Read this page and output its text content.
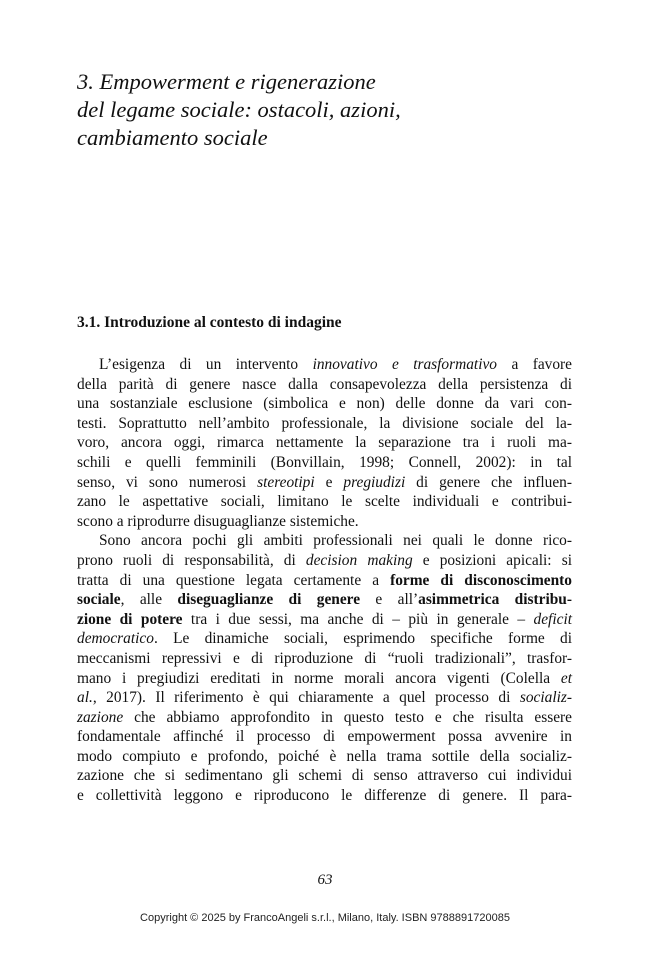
3. Empowerment e rigenerazione
del legame sociale: ostacoli, azioni,
cambiamento sociale
3.1. Introduzione al contesto di indagine
L’esigenza di un intervento innovativo e trasformativo a favore
della parità di genere nasce dalla consapevolezza della persistenza di
una sostanziale esclusione (simbolica e non) delle donne da vari con-
testi. Soprattutto nell’ambito professionale, la divisione sociale del la-
voro, ancora oggi, rimarca nettamente la separazione tra i ruoli ma-
schili e quelli femminili (Bonvillain, 1998; Connell, 2002): in tal
senso, vi sono numerosi stereotipi e pregiudizi di genere che influen-
zano le aspettative sociali, limitano le scelte individuali e contribui-
scono a riprodurre disuguaglianze sistemiche.
Sono ancora pochi gli ambiti professionali nei quali le donne rico-
prono ruoli di responsabilità, di decision making e posizioni apicali: si
tratta di una questione legata certamente a forme di disconoscimento
sociale, alle diseguaglianze di genere e all’asimmetrica distribu-
zione di potere tra i due sessi, ma anche di – più in generale – deficit
democratico. Le dinamiche sociali, esprimendo specifiche forme di
meccanismi repressivi e di riproduzione di “ruoli tradizionali”, trasfor-
mano i pregiudizi ereditati in norme morali ancora vigenti (Colella et
al., 2017). Il riferimento è qui chiaramente a quel processo di socializ-
zazione che abbiamo approfondito in questo testo e che risulta essere
fondamentale affinché il processo di empowerment possa avvenire in
modo compiuto e profondo, poiché è nella trama sottile della socializ-
zazione che si sedimentano gli schemi di senso attraverso cui individui
e collettività leggono e riproducono le differenze di genere. Il para-
63
Copyright © 2025 by FrancoAngeli s.r.l., Milano, Italy. ISBN 9788891720085
